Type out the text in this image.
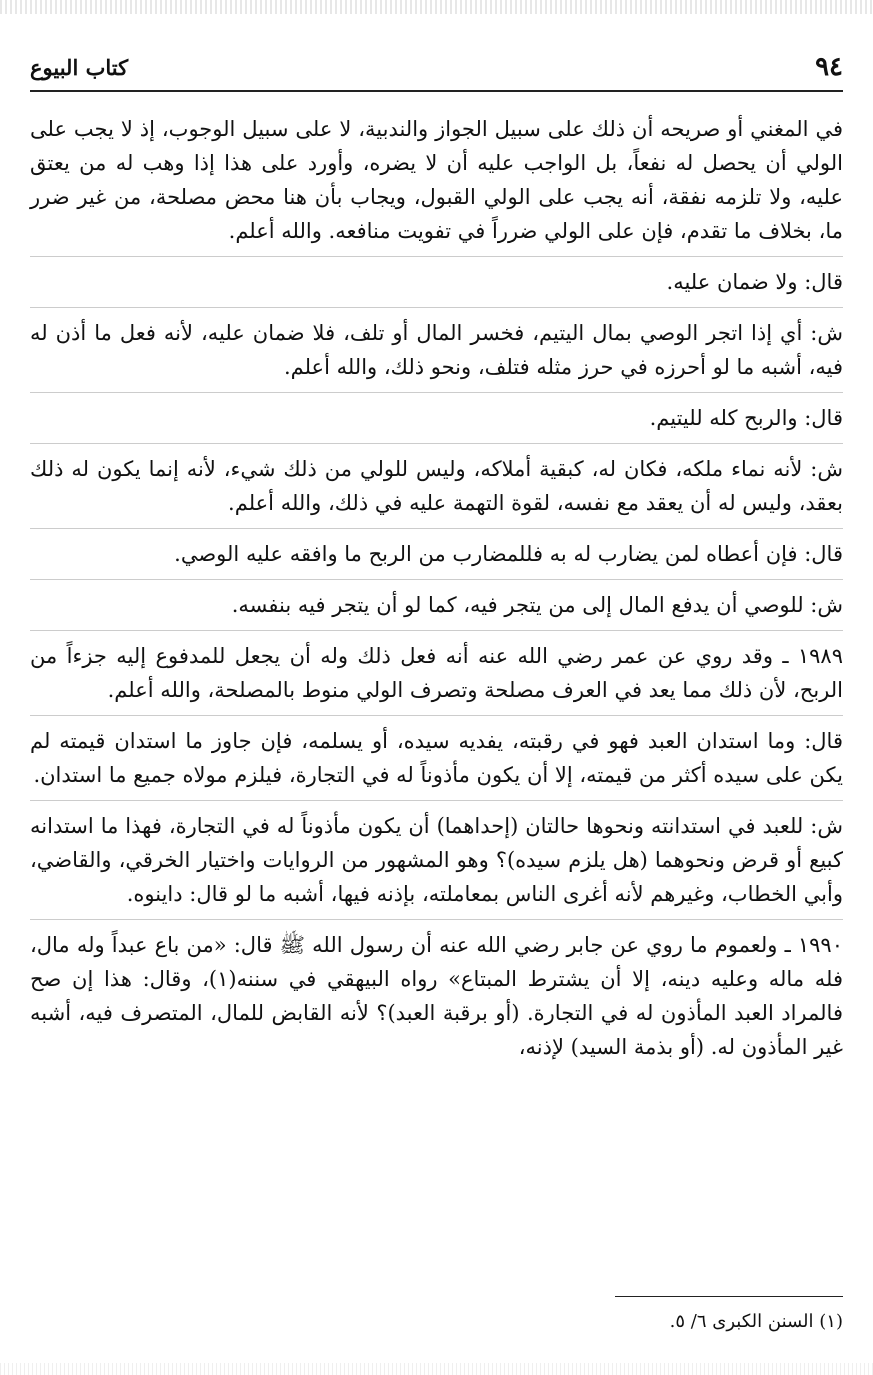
٩٤
كتاب البيوع

في المغني أو صريحه أن ذلك على سبيل الجواز والندبية، لا على سبيل الوجوب، إذ لا يجب على الولي أن يحصل له نفعاً، بل الواجب عليه أن لا يضره، وأورد على هذا إذا وهب له من يعتق عليه، ولا تلزمه نفقة، أنه يجب على الولي القبول، ويجاب بأن هنا محض مصلحة، من غير ضرر ما، بخلاف ما تقدم، فإن على الولي ضرراً في تفويت منافعه. والله أعلم.

قال: ولا ضمان عليه.

ش: أي إذا اتجر الوصي بمال اليتيم، فخسر المال أو تلف، فلا ضمان عليه، لأنه فعل ما أذن له فيه، أشبه ما لو أحرزه في حرز مثله فتلف، ونحو ذلك، والله أعلم.

قال: والربح كله لليتيم.

ش: لأنه نماء ملكه، فكان له، كبقية أملاكه، وليس للولي من ذلك شيء، لأنه إنما يكون له ذلك بعقد، وليس له أن يعقد مع نفسه، لقوة التهمة عليه في ذلك، والله أعلم.

قال: فإن أعطاه لمن يضارب له به فللمضارب من الربح ما وافقه عليه الوصي.

ش: للوصي أن يدفع المال إلى من يتجر فيه، كما لو أن يتجر فيه بنفسه.

١٩٨٩ ـ وقد روي عن عمر رضي الله عنه أنه فعل ذلك وله أن يجعل للمدفوع إليه جزءاً من الربح، لأن ذلك مما يعد في العرف مصلحة وتصرف الولي منوط بالمصلحة، والله أعلم.

قال: وما استدان العبد فهو في رقبته، يفديه سيده، أو يسلمه، فإن جاوز ما استدان قيمته لم يكن على سيده أكثر من قيمته، إلا أن يكون مأذوناً له في التجارة، فيلزم مولاه جميع ما استدان.

ش: للعبد في استدانته ونحوها حالتان (إحداهما) أن يكون مأذوناً له في التجارة، فهذا ما استدانه كبيع أو قرض ونحوهما (هل يلزم سيده)؟ وهو المشهور من الروايات واختيار الخرقي، والقاضي، وأبي الخطاب، وغيرهم لأنه أغرى الناس بمعاملته، بإذنه فيها، أشبه ما لو قال: داينوه.

١٩٩٠ ـ ولعموم ما روي عن جابر رضي الله عنه أن رسول الله ﷺ قال: «من باع عبداً وله مال، فله ماله وعليه دينه، إلا أن يشترط المبتاع» رواه البيهقي في سننه(١)، وقال: هذا إن صح فالمراد العبد المأذون له في التجارة. (أو برقبة العبد)؟ لأنه القابض للمال، المتصرف فيه، أشبه غير المأذون له. (أو بذمة السيد) لإذنه،

(١) السنن الكبرى ٦/ ٥.
